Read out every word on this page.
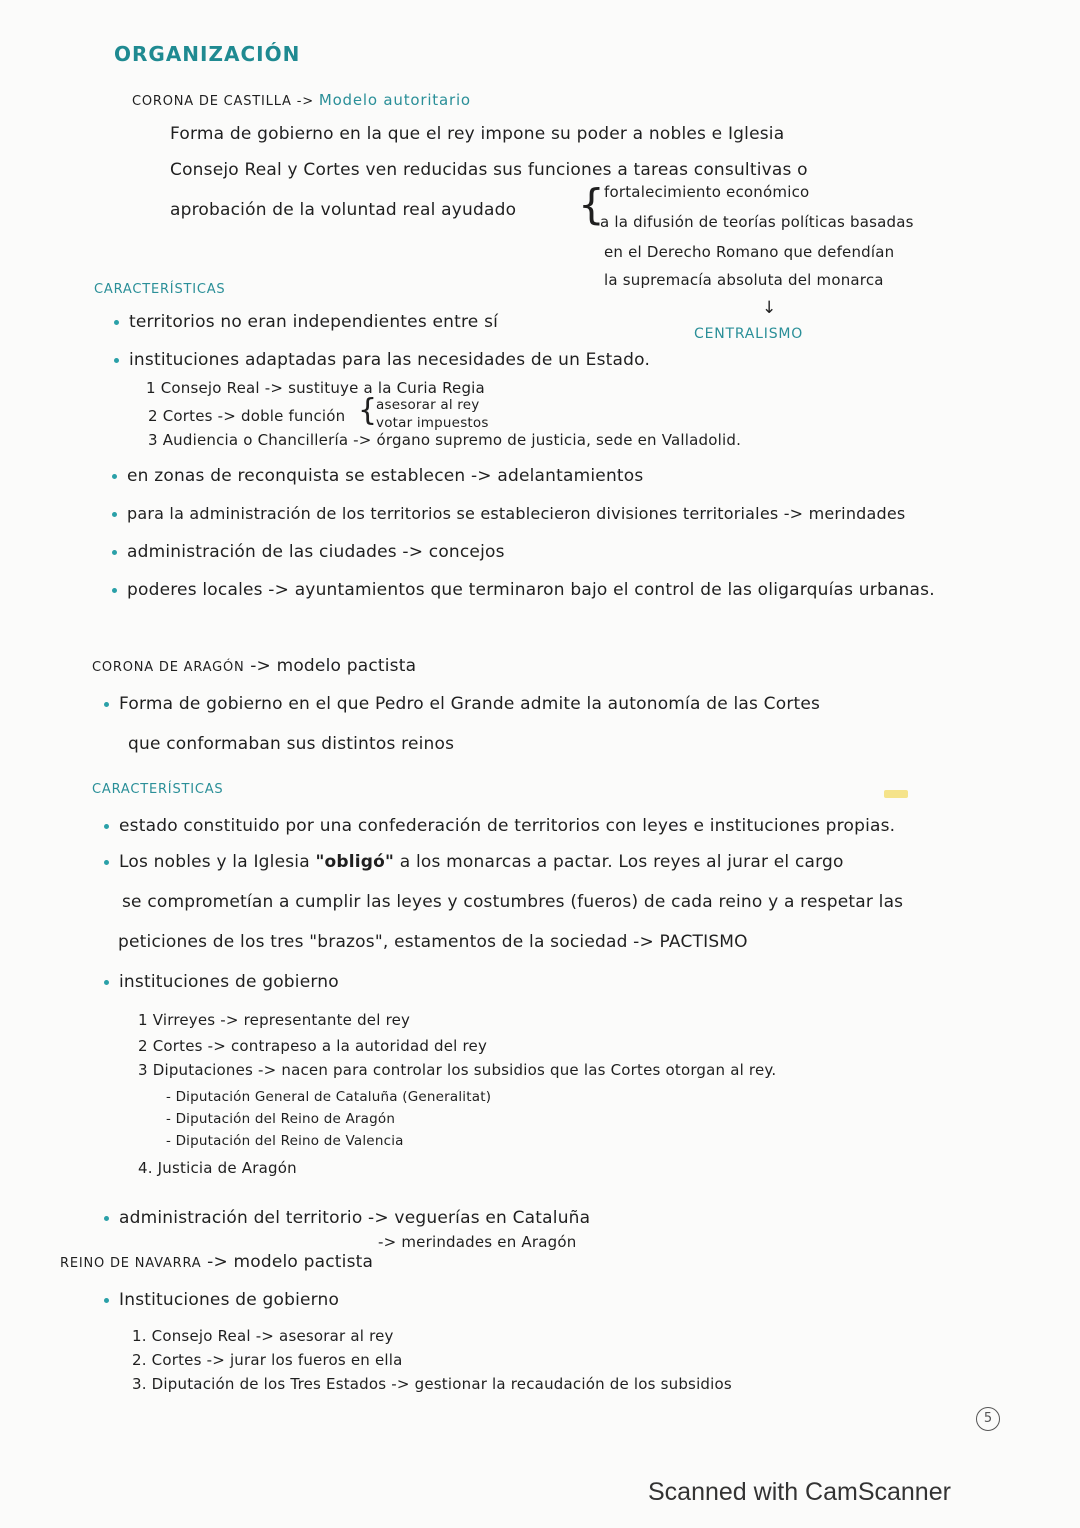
ORGANIZACIÓN
CORONA DE CASTILLA -> Modelo autoritario
Forma de gobierno en la que el rey impone su poder a nobles e Iglesia
Consejo Real y Cortes ven reducidas sus funciones a tareas consultivas o
aprobación de la voluntad real ayudado { fortalecimiento económico
a la difusión de teorías políticas basadas
en el Derecho Romano que defendían
la supremacía absoluta del monarca
↓
CENTRALISMO
CARACTERÍSTICAS
territorios no eran independientes entre sí
instituciones adaptadas para las necesidades de un Estado.
1 Consejo Real -> sustituye a la Curia Regia
2 Cortes -> doble función {
asesorar al rey
votar impuestos
3 Audiencia o Chancillería -> órgano supremo de justicia, sede en Valladolid.
en zonas de reconquista se establecen -> adelantamientos
para la administración de los territorios se establecieron divisiones territoriales -> merindades
administración de las ciudades -> concejos
poderes locales -> ayuntamientos que terminaron bajo el control de las oligarquías urbanas.
CORONA DE ARAGÓN -> modelo pactista
Forma de gobierno en el que Pedro el Grande admite la autonomía de las Cortes
que conformaban sus distintos reinos
CARACTERÍSTICAS
estado constituido por una confederación de territorios con leyes e instituciones propias.
Los nobles y la Iglesia "obligó" a los monarcas a pactar. Los reyes al jurar el cargo
se comprometían a cumplir las leyes y costumbres (fueros) de cada reino y a respetar las
peticiones de los tres "brazos", estamentos de la sociedad -> PACTISMO
instituciones de gobierno
1 Virreyes -> representante del rey
2 Cortes -> contrapeso a la autoridad del rey
3 Diputaciones -> nacen para controlar los subsidios que las Cortes otorgan al rey.
- Diputación General de Cataluña (Generalitat)
- Diputación del Reino de Aragón
- Diputación del Reino de Valencia
4. Justicia de Aragón
administración del territorio -> veguerías en Cataluña
-> merindades en Aragón
REINO DE NAVARRA -> modelo pactista
Instituciones de gobierno
1. Consejo Real -> asesorar al rey
2. Cortes -> jurar los fueros en ella
3. Diputación de los Tres Estados -> gestionar la recaudación de los subsidios
5
Scanned with CamScanner
